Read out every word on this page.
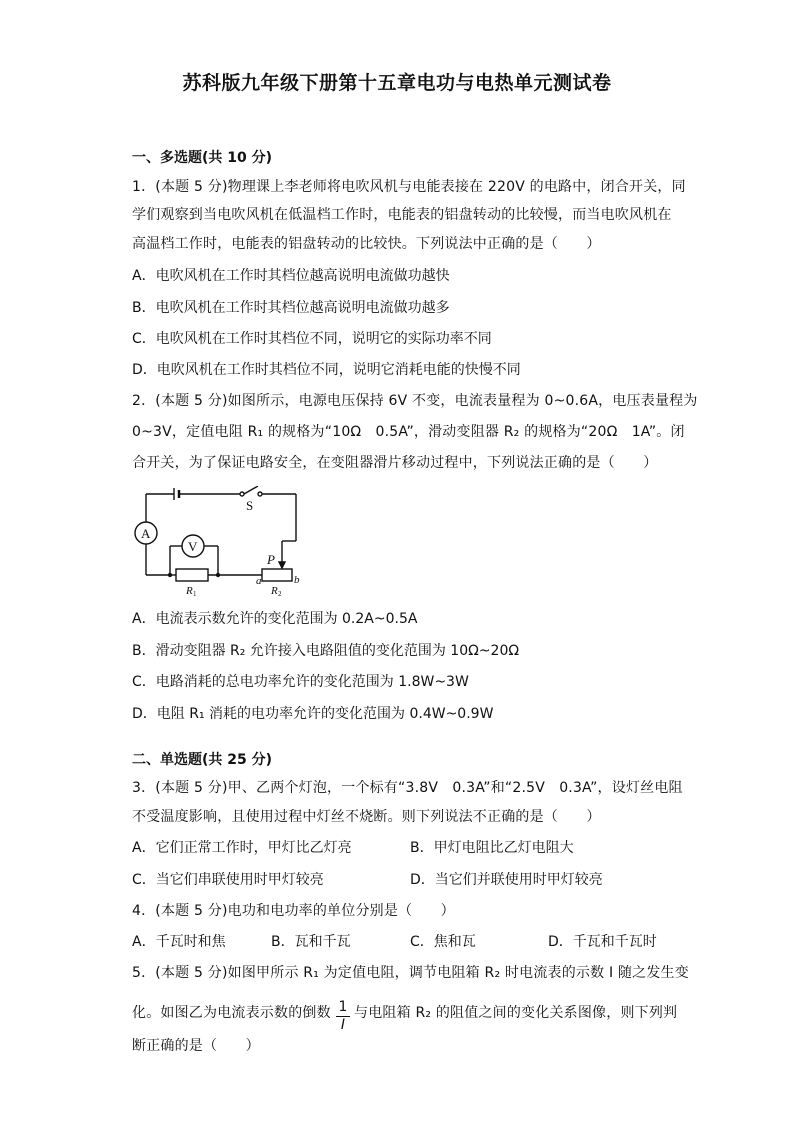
苏科版九年级下册第十五章电功与电热单元测试卷
一、多选题(共 10 分)
1．(本题 5 分)物理课上李老师将电吹风机与电能表接在 220V 的电路中，闭合开关，同
学们观察到当电吹风机在低温档工作时，电能表的铝盘转动的比较慢，而当电吹风机在
高温档工作时，电能表的铝盘转动的比较快。下列说法中正确的是（　　）
A．电吹风机在工作时其档位越高说明电流做功越快
B．电吹风机在工作时其档位越高说明电流做功越多
C．电吹风机在工作时其档位不同，说明它的实际功率不同
D．电吹风机在工作时其档位不同，说明它消耗电能的快慢不同
2．(本题 5 分)如图所示，电源电压保持 6V 不变，电流表量程为 0~0.6A，电压表量程为
0~3V，定值电阻 R₁ 的规格为“10Ω　0.5A”，滑动变阻器 R₂ 的规格为“20Ω　1A”。闭
合开关，为了保证电路安全，在变阻器滑片移动过程中，下列说法正确的是（　　）
S
A
V
P
a	b
R 1	R 2
A．电流表示数允许的变化范围为 0.2A~0.5A
B．滑动变阻器 R₂ 允许接入电路阻值的变化范围为 10Ω~20Ω
C．电路消耗的总电功率允许的变化范围为 1.8W~3W
D．电阻 R₁ 消耗的电功率允许的变化范围为 0.4W~0.9W
二、单选题(共 25 分)
3．(本题 5 分)甲、乙两个灯泡，一个标有“3.8V　0.3A”和“2.5V　0.3A”，设灯丝电阻
不受温度影响，且使用过程中灯丝不烧断。则下列说法不正确的是（　　）
A．它们正常工作时，甲灯比乙灯亮	B．甲灯电阻比乙灯电阻大
C．当它们串联使用时甲灯较亮	D．当它们并联使用时甲灯较亮
4．(本题 5 分)电功和电功率的单位分别是（　　）
A．千瓦时和焦	B．瓦和千瓦	C．焦和瓦	D．千瓦和千瓦时
5．(本题 5 分)如图甲所示 R₁ 为定值电阻，调节电阻箱 R₂ 时电流表的示数 I 随之发生变
化。如图乙为电流表示数的倒数 1
I
与电阻箱 R₂ 的阻值之间的变化关系图像，则下列判
断正确的是（　　）
